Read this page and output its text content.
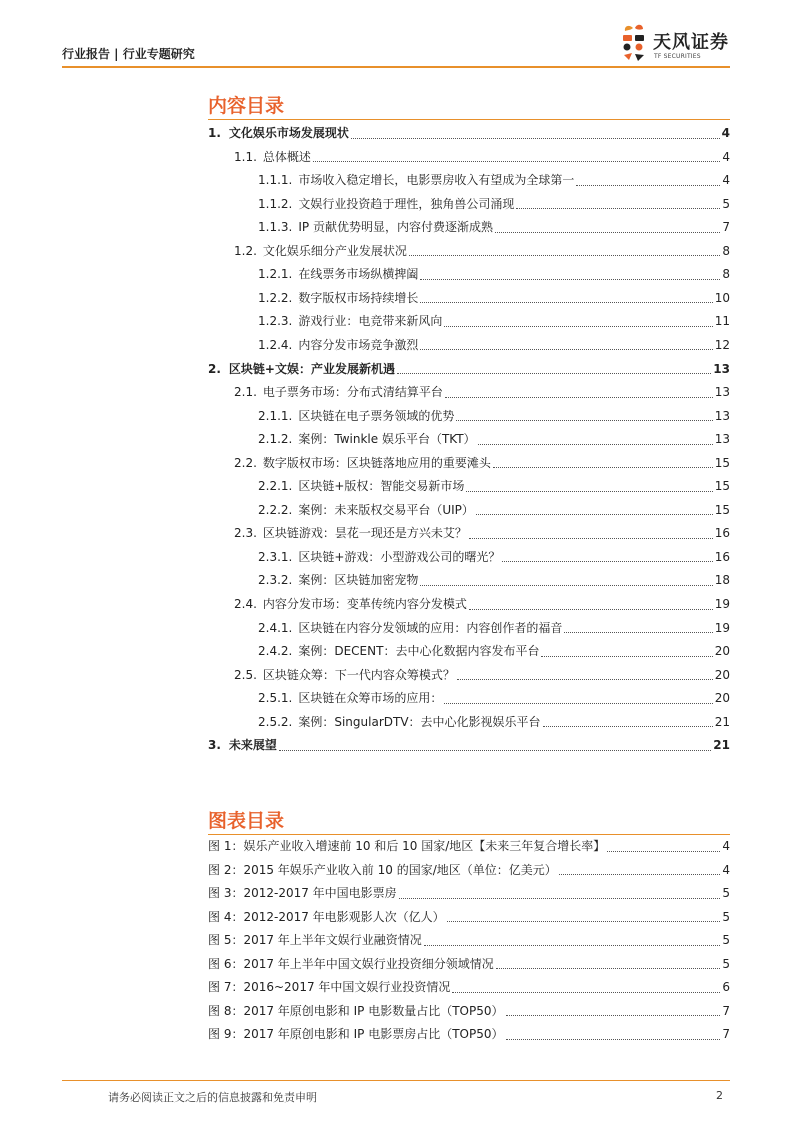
行业报告 | 行业专题研究
天风证券
TF SECURITIES
内容目录
1. 文化娱乐市场发展现状	4
1.1. 总体概述	4
1.1.1. 市场收入稳定增长，电影票房收入有望成为全球第一	4
1.1.2. 文娱行业投资趋于理性，独角兽公司涌现	5
1.1.3. IP 贡献优势明显，内容付费逐渐成熟	7
1.2. 文化娱乐细分产业发展状况	8
1.2.1. 在线票务市场纵横捭阖	8
1.2.2. 数字版权市场持续增长	10
1.2.3. 游戏行业：电竞带来新风向	11
1.2.4. 内容分发市场竞争激烈	12
2. 区块链+文娱：产业发展新机遇	13
2.1. 电子票务市场：分布式清结算平台	13
2.1.1. 区块链在电子票务领域的优势	13
2.1.2. 案例：Twinkle 娱乐平台（TKT）	13
2.2. 数字版权市场：区块链落地应用的重要滩头	15
2.2.1. 区块链+版权：智能交易新市场	15
2.2.2. 案例：未来版权交易平台（UIP）	15
2.3. 区块链游戏：昙花一现还是方兴未艾？	16
2.3.1. 区块链+游戏：小型游戏公司的曙光？	16
2.3.2. 案例：区块链加密宠物	18
2.4. 内容分发市场：变革传统内容分发模式	19
2.4.1. 区块链在内容分发领域的应用：内容创作者的福音	19
2.4.2. 案例：DECENT：去中心化数据内容发布平台	20
2.5. 区块链众筹：下一代内容众筹模式？	20
2.5.1. 区块链在众筹市场的应用：	20
2.5.2. 案例：SingularDTV：去中心化影视娱乐平台	21
3. 未来展望	21
图表目录
图 1：娱乐产业收入增速前 10 和后 10 国家/地区【未来三年复合增长率】	4
图 2：2015 年娱乐产业收入前 10 的国家/地区（单位：亿美元）	4
图 3：2012-2017 年中国电影票房	5
图 4：2012-2017 年电影观影人次（亿人）	5
图 5：2017 年上半年文娱行业融资情况	5
图 6：2017 年上半年中国文娱行业投资细分领域情况	5
图 7：2016~2017 年中国文娱行业投资情况	6
图 8：2017 年原创电影和 IP 电影数量占比（TOP50）	7
图 9：2017 年原创电影和 IP 电影票房占比（TOP50）	7
请务必阅读正文之后的信息披露和免责申明	2
